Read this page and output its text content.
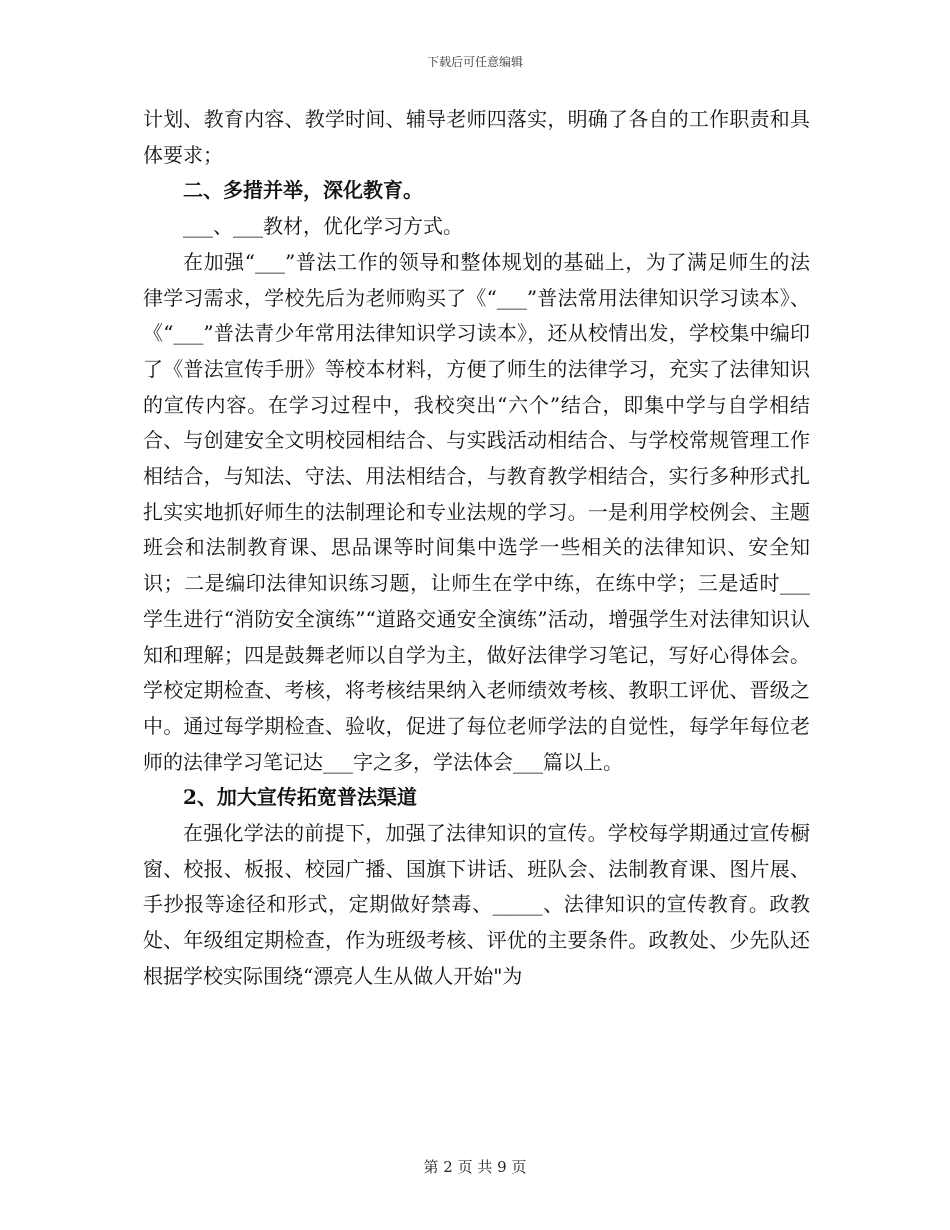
下载后可任意编辑

计划、教育内容、教学时间、辅导老师四落实，明确了各自的工作职责和具体要求；

二、多措并举，深化教育。

___、___教材，优化学习方式。

在加强“___”普法工作的领导和整体规划的基础上，为了满足师生的法律学习需求，学校先后为老师购买了《“___”普法常用法律知识学习读本》、《“___”普法青少年常用法律知识学习读本》，还从校情出发，学校集中编印了《普法宣传手册》等校本材料，方便了师生的法律学习，充实了法律知识的宣传内容。在学习过程中，我校突出“六个”结合，即集中学与自学相结合、与创建安全文明校园相结合、与实践活动相结合、与学校常规管理工作相结合，与知法、守法、用法相结合，与教育教学相结合，实行多种形式扎扎实实地抓好师生的法制理论和专业法规的学习。一是利用学校例会、主题班会和法制教育课、思品课等时间集中选学一些相关的法律知识、安全知识；二是编印法律知识练习题，让师生在学中练，在练中学；三是适时___学生进行“消防安全演练”“道路交通安全演练”活动，增强学生对法律知识认知和理解；四是鼓舞老师以自学为主，做好法律学习笔记，写好心得体会。学校定期检查、考核，将考核结果纳入老师绩效考核、教职工评优、晋级之中。通过每学期检查、验收，促进了每位老师学法的自觉性，每学年每位老师的法律学习笔记达___字之多，学法体会___篇以上。

2、加大宣传拓宽普法渠道

在强化学法的前提下，加强了法律知识的宣传。学校每学期通过宣传橱窗、校报、板报、校园广播、国旗下讲话、班队会、法制教育课、图片展、手抄报等途径和形式，定期做好禁毒、_____、法律知识的宣传教育。政教处、年级组定期检查，作为班级考核、评优的主要条件。政教处、少先队还根据学校实际围绕“漂亮人生从做人开始"为

第 2 页 共 9 页
